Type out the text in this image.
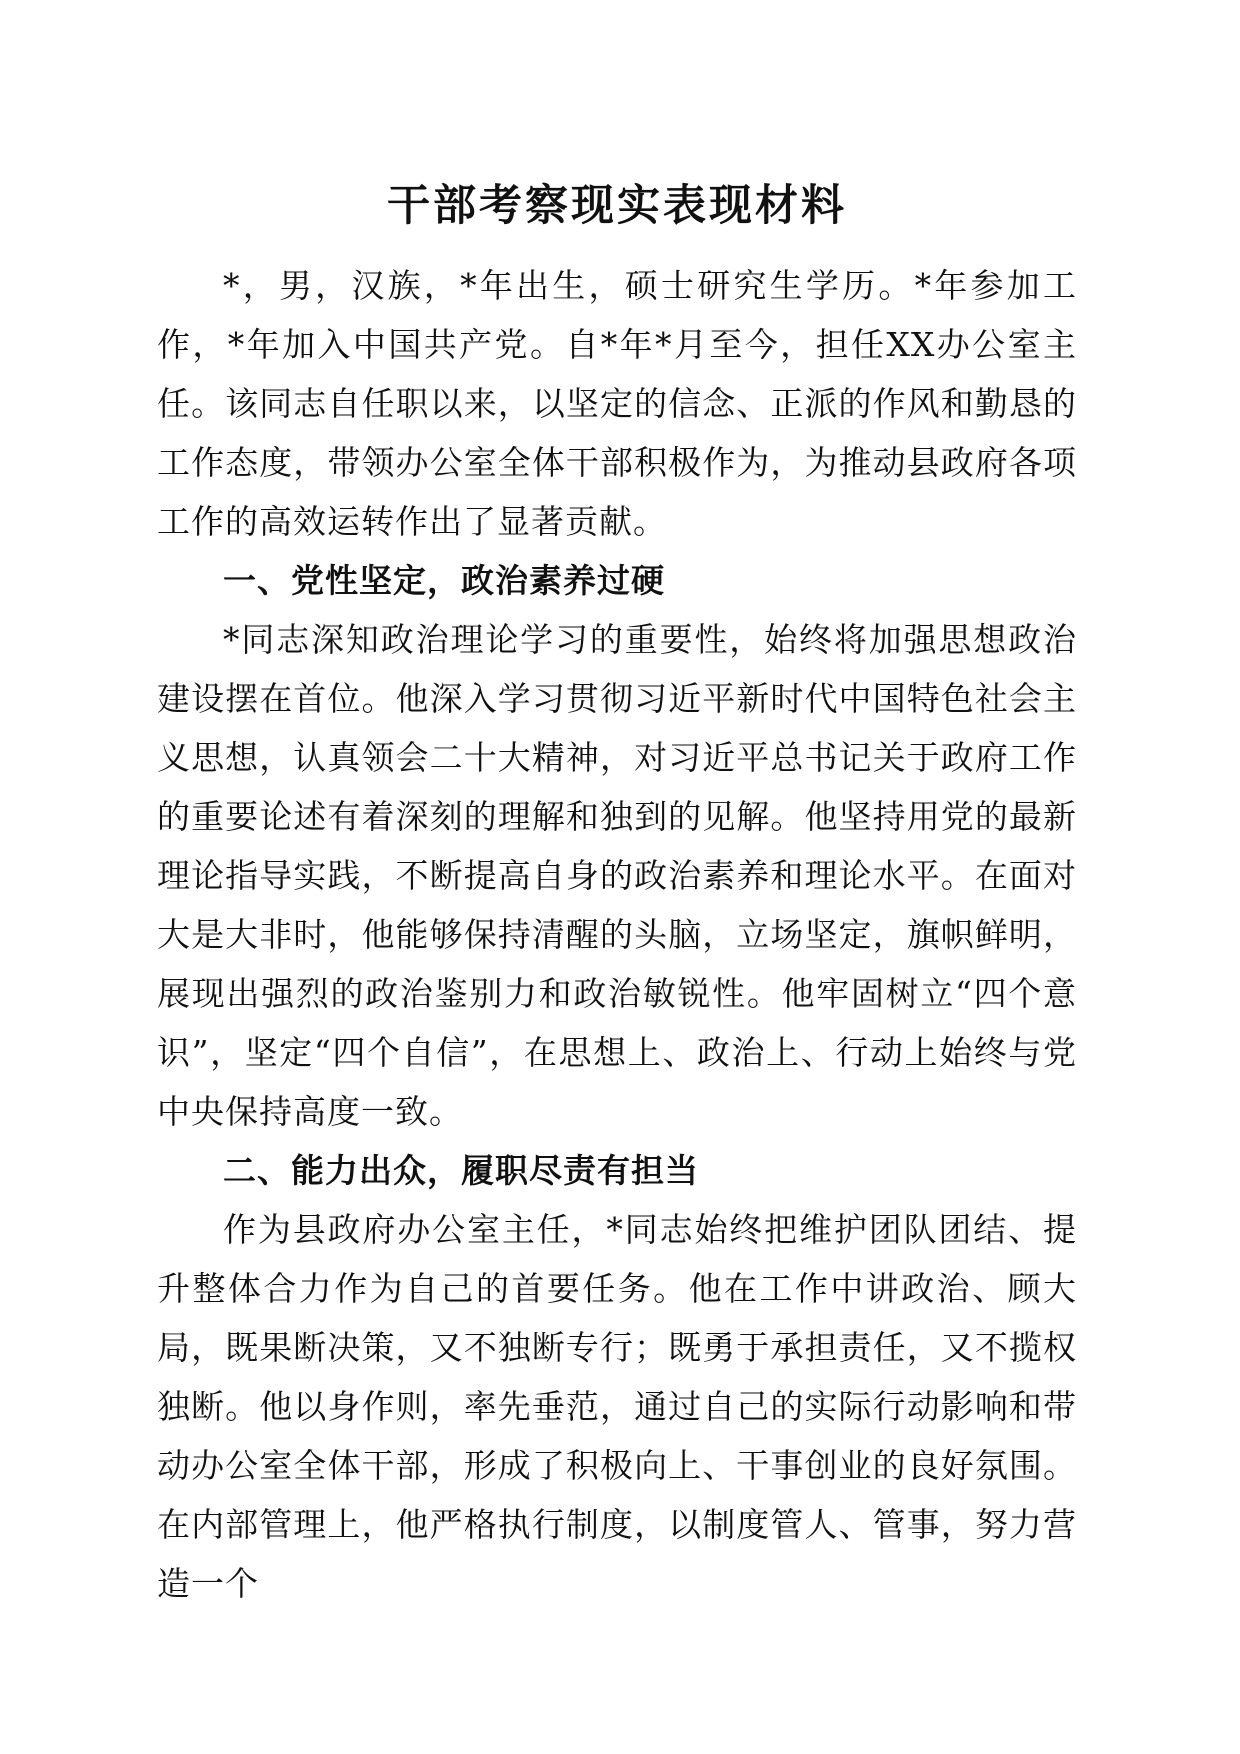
干部考察现实表现材料

*，男，汉族，*年出生，硕士研究生学历。*年参加工作，*年加入中国共产党。自*年*月至今，担任XX办公室主任。该同志自任职以来，以坚定的信念、正派的作风和勤恳的工作态度，带领办公室全体干部积极作为，为推动县政府各项工作的高效运转作出了显著贡献。

一、党性坚定，政治素养过硬

*同志深知政治理论学习的重要性，始终将加强思想政治建设摆在首位。他深入学习贯彻习近平新时代中国特色社会主义思想，认真领会二十大精神，对习近平总书记关于政府工作的重要论述有着深刻的理解和独到的见解。他坚持用党的最新理论指导实践，不断提高自身的政治素养和理论水平。在面对大是大非时，他能够保持清醒的头脑，立场坚定，旗帜鲜明，展现出强烈的政治鉴别力和政治敏锐性。他牢固树立“四个意识”，坚定“四个自信”，在思想上、政治上、行动上始终与党中央保持高度一致。

二、能力出众，履职尽责有担当

作为县政府办公室主任，*同志始终把维护团队团结、提升整体合力作为自己的首要任务。他在工作中讲政治、顾大局，既果断决策，又不独断专行；既勇于承担责任，又不揽权独断。他以身作则，率先垂范，通过自己的实际行动影响和带动办公室全体干部，形成了积极向上、干事创业的良好氛围。在内部管理上，他严格执行制度，以制度管人、管事，努力营造一个
